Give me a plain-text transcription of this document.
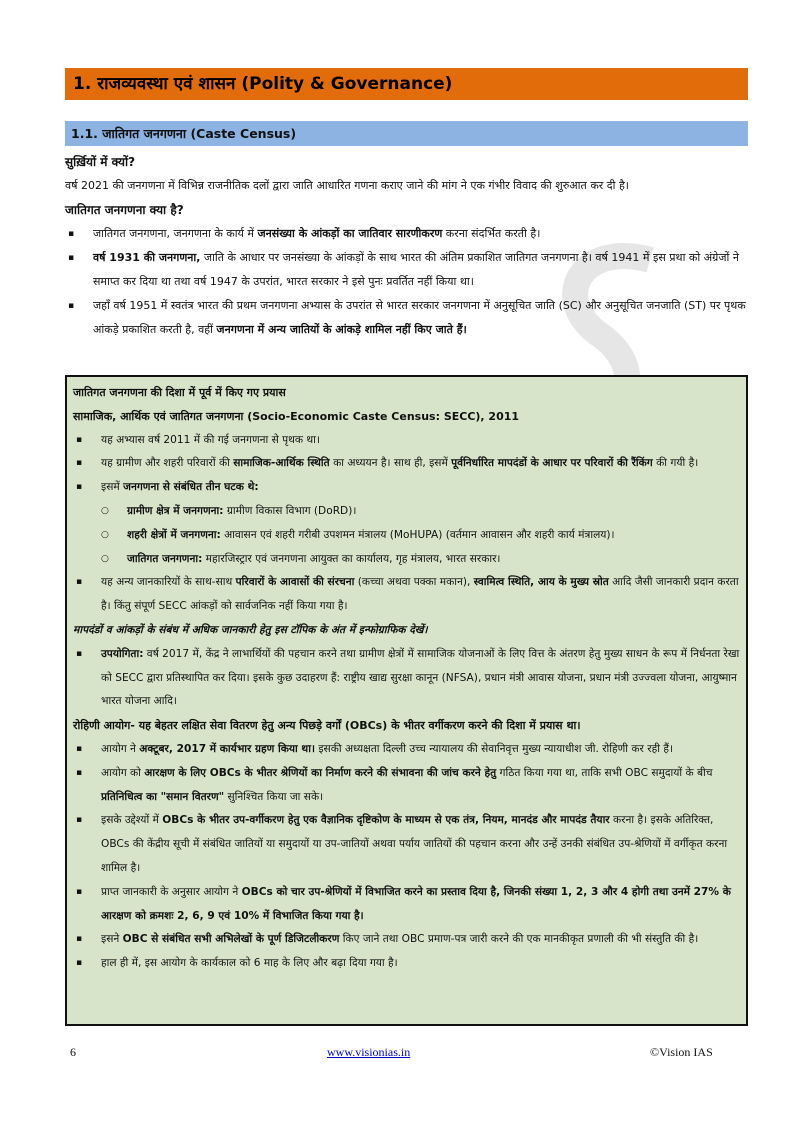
1. राजव्यवस्था एवं शासन (Polity & Governance)
1.1. जातिगत जनगणना (Caste Census)
सुर्ख़ियों में क्यों?
वर्ष 2021 की जनगणना में विभिन्न राजनीतिक दलों द्वारा जाति आधारित गणना कराए जाने की मांग ने एक गंभीर विवाद की शुरुआत कर दी है।
जातिगत जनगणना क्या है?
▪ जातिगत जनगणना, जनगणना के कार्य में जनसंख्या के आंकड़ों का जातिवार सारणीकरण करना संदर्भित करती है।
▪ वर्ष 1931 की जनगणना, जाति के आधार पर जनसंख्या के आंकड़ों के साथ भारत की अंतिम प्रकाशित जातिगत जनगणना है। वर्ष 1941 में इस प्रथा को अंग्रेजों ने समाप्त कर दिया था तथा वर्ष 1947 के उपरांत, भारत सरकार ने इसे पुनः प्रवर्तित नहीं किया था।
▪ जहाँ वर्ष 1951 में स्वतंत्र भारत की प्रथम जनगणना अभ्यास के उपरांत से भारत सरकार जनगणना में अनुसूचित जाति (SC) और अनुसूचित जनजाति (ST) पर पृथक आंकड़े प्रकाशित करती है, वहीं जनगणना में अन्य जातियों के आंकड़े शामिल नहीं किए जाते हैं।
जातिगत जनगणना की दिशा में पूर्व में किए गए प्रयास
सामाजिक, आर्थिक एवं जातिगत जनगणना (Socio-Economic Caste Census: SECC), 2011
▪ यह अभ्यास वर्ष 2011 में की गई जनगणना से पृथक था।
▪ यह ग्रामीण और शहरी परिवारों की सामाजिक-आर्थिक स्थिति का अध्ययन है। साथ ही, इसमें पूर्वनिर्धारित मापदंडों के आधार पर परिवारों की रैंकिंग की गयी है।
▪ इसमें जनगणना से संबंधित तीन घटक थे:
○ ग्रामीण क्षेत्र में जनगणना: ग्रामीण विकास विभाग (DoRD)।
○ शहरी क्षेत्रों में जनगणना: आवासन एवं शहरी गरीबी उपशमन मंत्रालय (MoHUPA) (वर्तमान आवासन और शहरी कार्य मंत्रालय)।
○ जातिगत जनगणना: महारजिस्ट्रार एवं जनगणना आयुक्त का कार्यालय, गृह मंत्रालय, भारत सरकार।
▪ यह अन्य जानकारियों के साथ-साथ परिवारों के आवासों की संरचना (कच्चा अथवा पक्का मकान), स्वामित्व स्थिति, आय के मुख्य स्रोत आदि जैसी जानकारी प्रदान करता है। किंतु संपूर्ण SECC आंकड़ों को सार्वजनिक नहीं किया गया है।
मापदंडों व आंकड़ों के संबंध में अधिक जानकारी हेतु इस टॉपिक के अंत में इन्फोग्राफिक देखें।
▪ उपयोगिता: वर्ष 2017 में, केंद्र ने लाभार्थियों की पहचान करने तथा ग्रामीण क्षेत्रों में सामाजिक योजनाओं के लिए वित्त के अंतरण हेतु मुख्य साधन के रूप में निर्धनता रेखा को SECC द्वारा प्रतिस्थापित कर दिया। इसके कुछ उदाहरण हैं: राष्ट्रीय खाद्य सुरक्षा कानून (NFSA), प्रधान मंत्री आवास योजना, प्रधान मंत्री उज्ज्वला योजना, आयुष्मान भारत योजना आदि।
रोहिणी आयोग- यह बेहतर लक्षित सेवा वितरण हेतु अन्य पिछड़े वर्गों (OBCs) के भीतर वर्गीकरण करने की दिशा में प्रयास था।
▪ आयोग ने अक्टूबर, 2017 में कार्यभार ग्रहण किया था। इसकी अध्यक्षता दिल्ली उच्च न्यायालय की सेवानिवृत्त मुख्य न्यायाधीश जी. रोहिणी कर रही हैं।
▪ आयोग को आरक्षण के लिए OBCs के भीतर श्रेणियों का निर्माण करने की संभावना की जांच करने हेतु गठित किया गया था, ताकि सभी OBC समुदायों के बीच प्रतिनिधित्व का "समान वितरण" सुनिश्चित किया जा सके।
▪ इसके उद्देश्यों में OBCs के भीतर उप-वर्गीकरण हेतु एक वैज्ञानिक दृष्टिकोण के माध्यम से एक तंत्र, नियम, मानदंड और मापदंड तैयार करना है। इसके अतिरिक्त, OBCs की केंद्रीय सूची में संबंधित जातियों या समुदायों या उप-जातियों अथवा पर्याय जातियों की पहचान करना और उन्हें उनकी संबंधित उप-श्रेणियों में वर्गीकृत करना शामिल है।
▪ प्राप्त जानकारी के अनुसार आयोग ने OBCs को चार उप-श्रेणियों में विभाजित करने का प्रस्ताव दिया है, जिनकी संख्या 1, 2, 3 और 4 होगी तथा उनमें 27% के आरक्षण को क्रमशः 2, 6, 9 एवं 10% में विभाजित किया गया है।
▪ इसने OBC से संबंधित सभी अभिलेखों के पूर्ण डिजिटलीकरण किए जाने तथा OBC प्रमाण-पत्र जारी करने की एक मानकीकृत प्रणाली की भी संस्तुति की है।
▪ हाल ही में, इस आयोग के कार्यकाल को 6 माह के लिए और बढ़ा दिया गया है।
6	www.visionias.in	©Vision IAS
